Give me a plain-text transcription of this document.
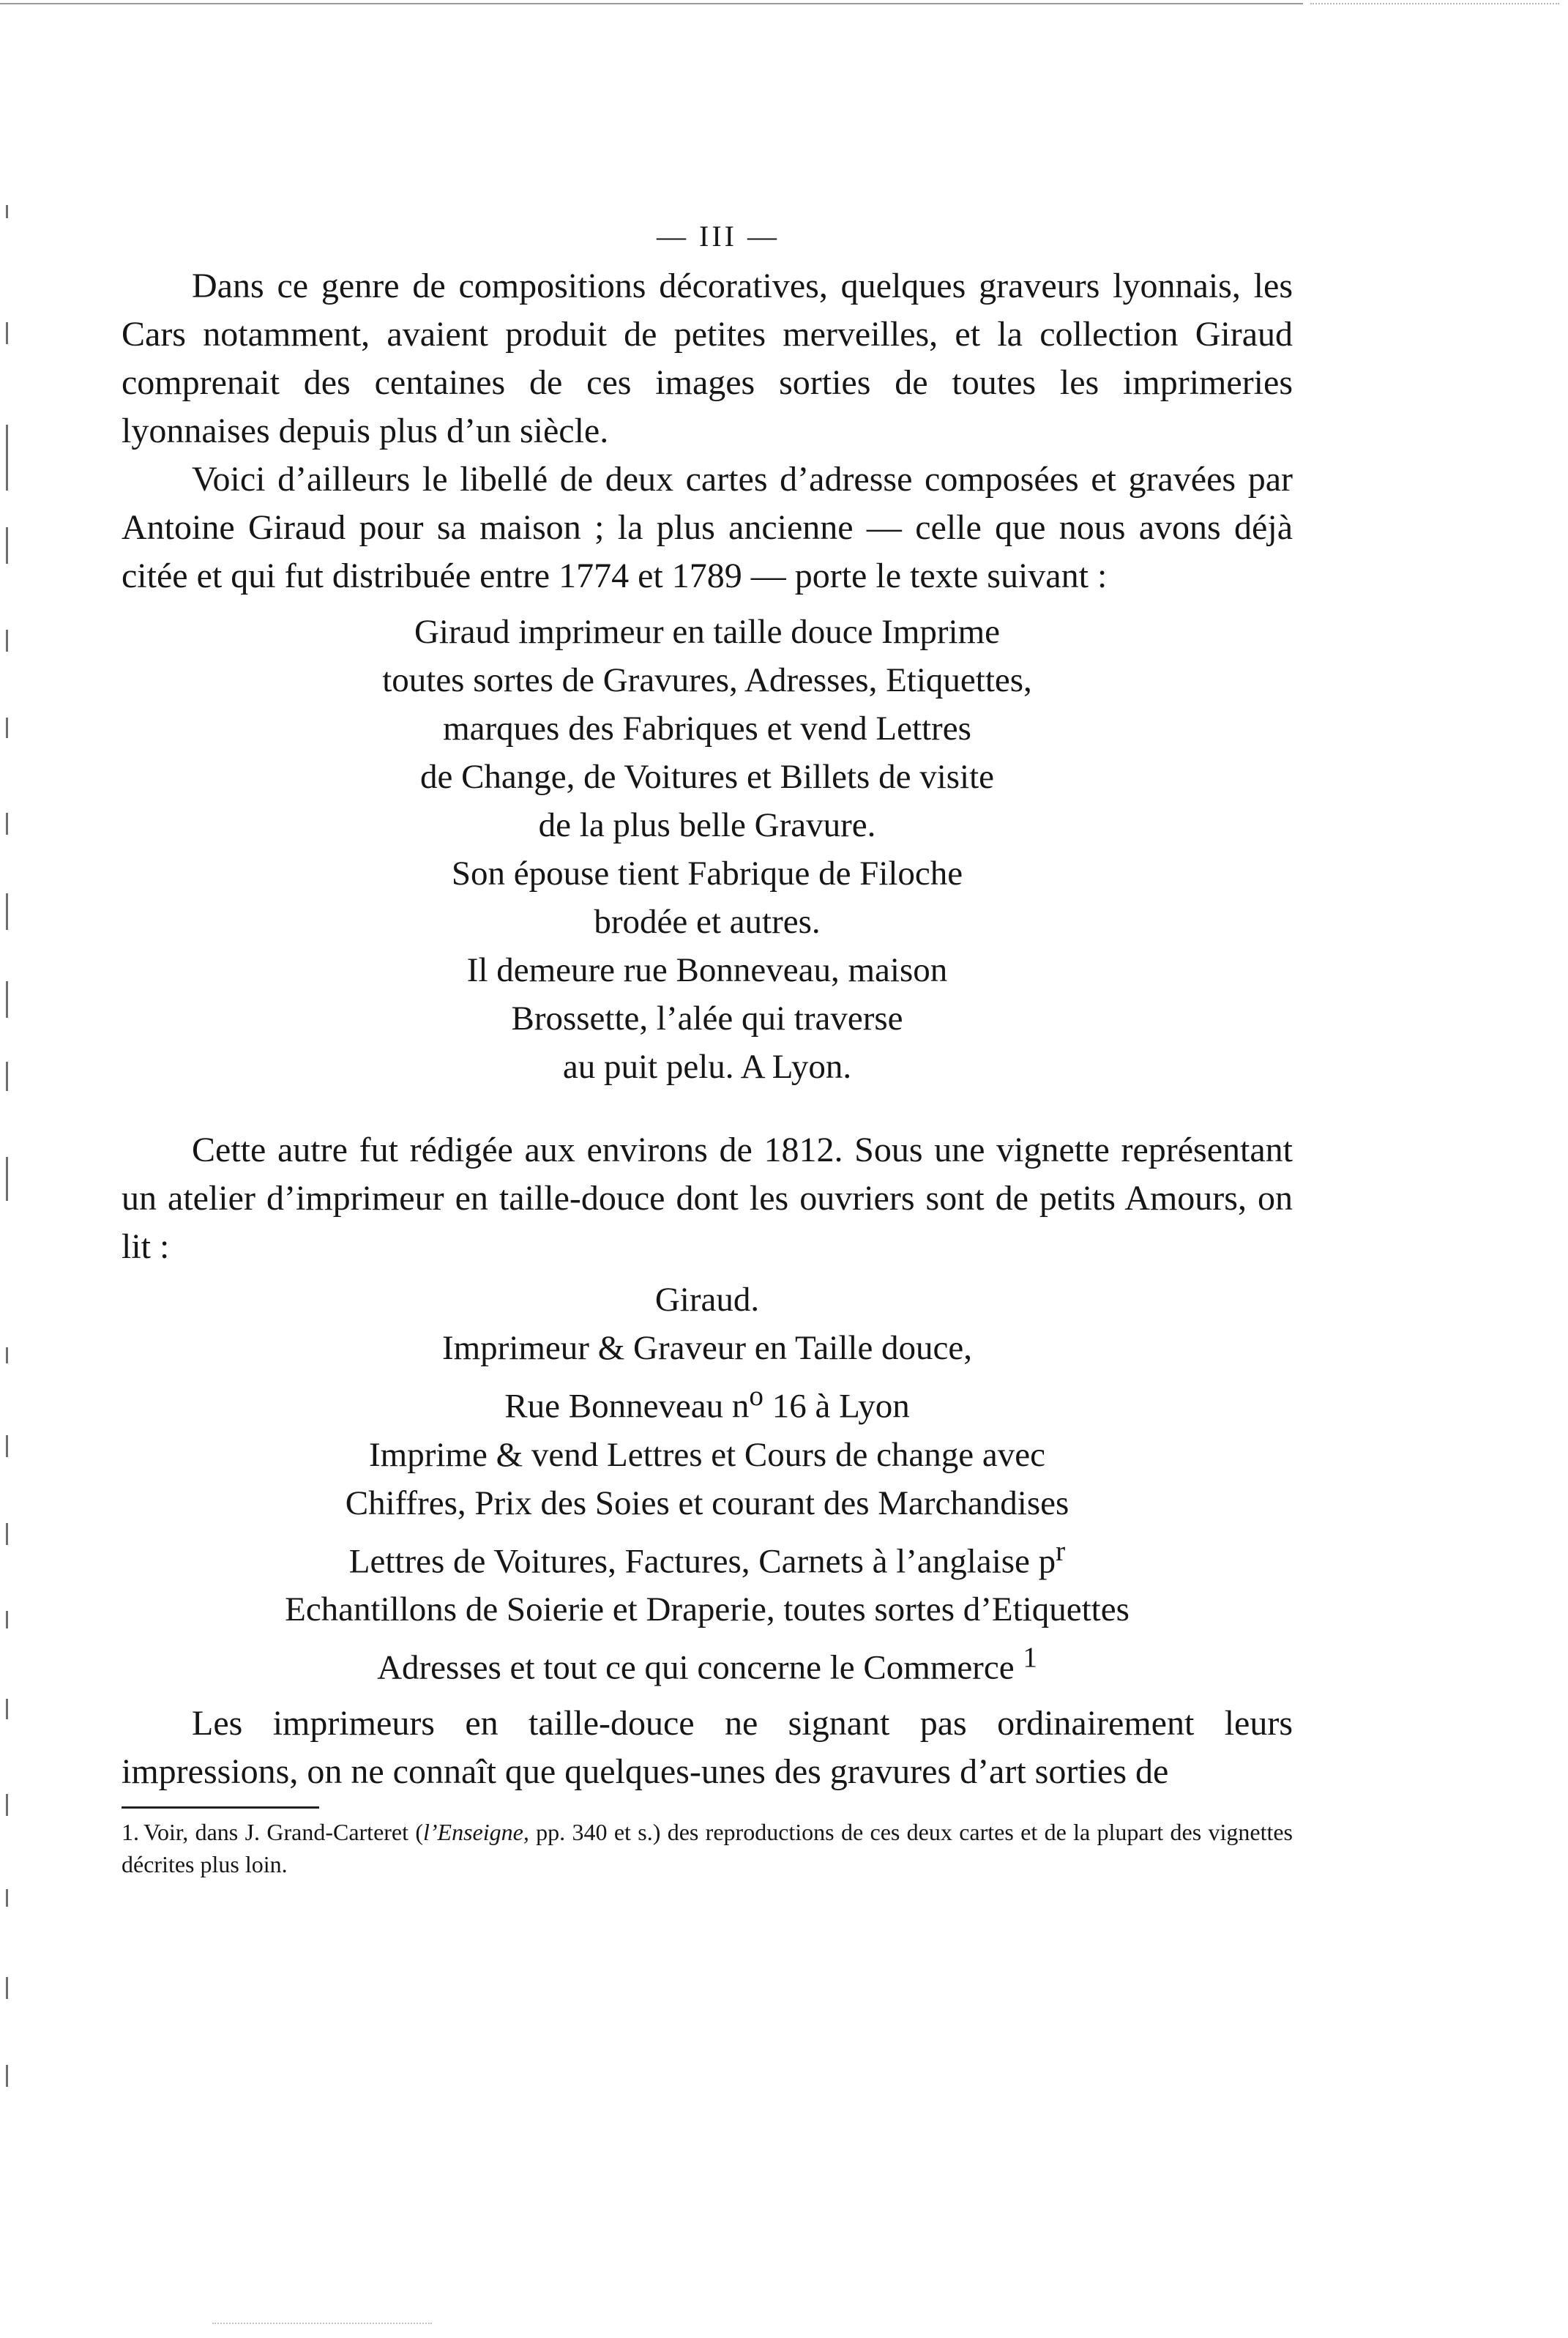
— III —

Dans ce genre de compositions décoratives, quelques graveurs lyonnais, les Cars notamment, avaient produit de petites merveilles, et la collection Giraud comprenait des centaines de ces images sorties de toutes les imprimeries lyonnaises depuis plus d’un siècle.

Voici d’ailleurs le libellé de deux cartes d’adresse composées et gravées par Antoine Giraud pour sa maison ; la plus ancienne — celle que nous avons déjà citée et qui fut distribuée entre 1774 et 1789 — porte le texte suivant :

Giraud imprimeur en taille douce Imprime
toutes sortes de Gravures, Adresses, Etiquettes,
marques des Fabriques et vend Lettres
de Change, de Voitures et Billets de visite
de la plus belle Gravure.
Son épouse tient Fabrique de Filoche
brodée et autres.
Il demeure rue Bonneveau, maison
Brossette, l’alée qui traverse
au puit pelu. A Lyon.

Cette autre fut rédigée aux environs de 1812. Sous une vignette représentant un atelier d’imprimeur en taille-douce dont les ouvriers sont de petits Amours, on lit :

Giraud.
Imprimeur & Graveur en Taille douce,
Rue Bonneveau $n^o$ 16 à Lyon
Imprime & vend Lettres et Cours de change avec
Chiffres, Prix des Soies et courant des Marchandises
Lettres de Voitures, Factures, Carnets à l’anglaise $p^r$
Echantillons de Soierie et Draperie, toutes sortes d’Etiquettes
Adresses et tout ce qui concerne le Commerce $^1$

Les imprimeurs en taille-douce ne signant pas ordinairement leurs impressions, on ne connaît que quelques-unes des gravures d’art sorties de

1. Voir, dans J. Grand-Carteret (l’Enseigne, pp. 340 et s.) des reproductions de ces deux cartes et de la plupart des vignettes décrites plus loin.
